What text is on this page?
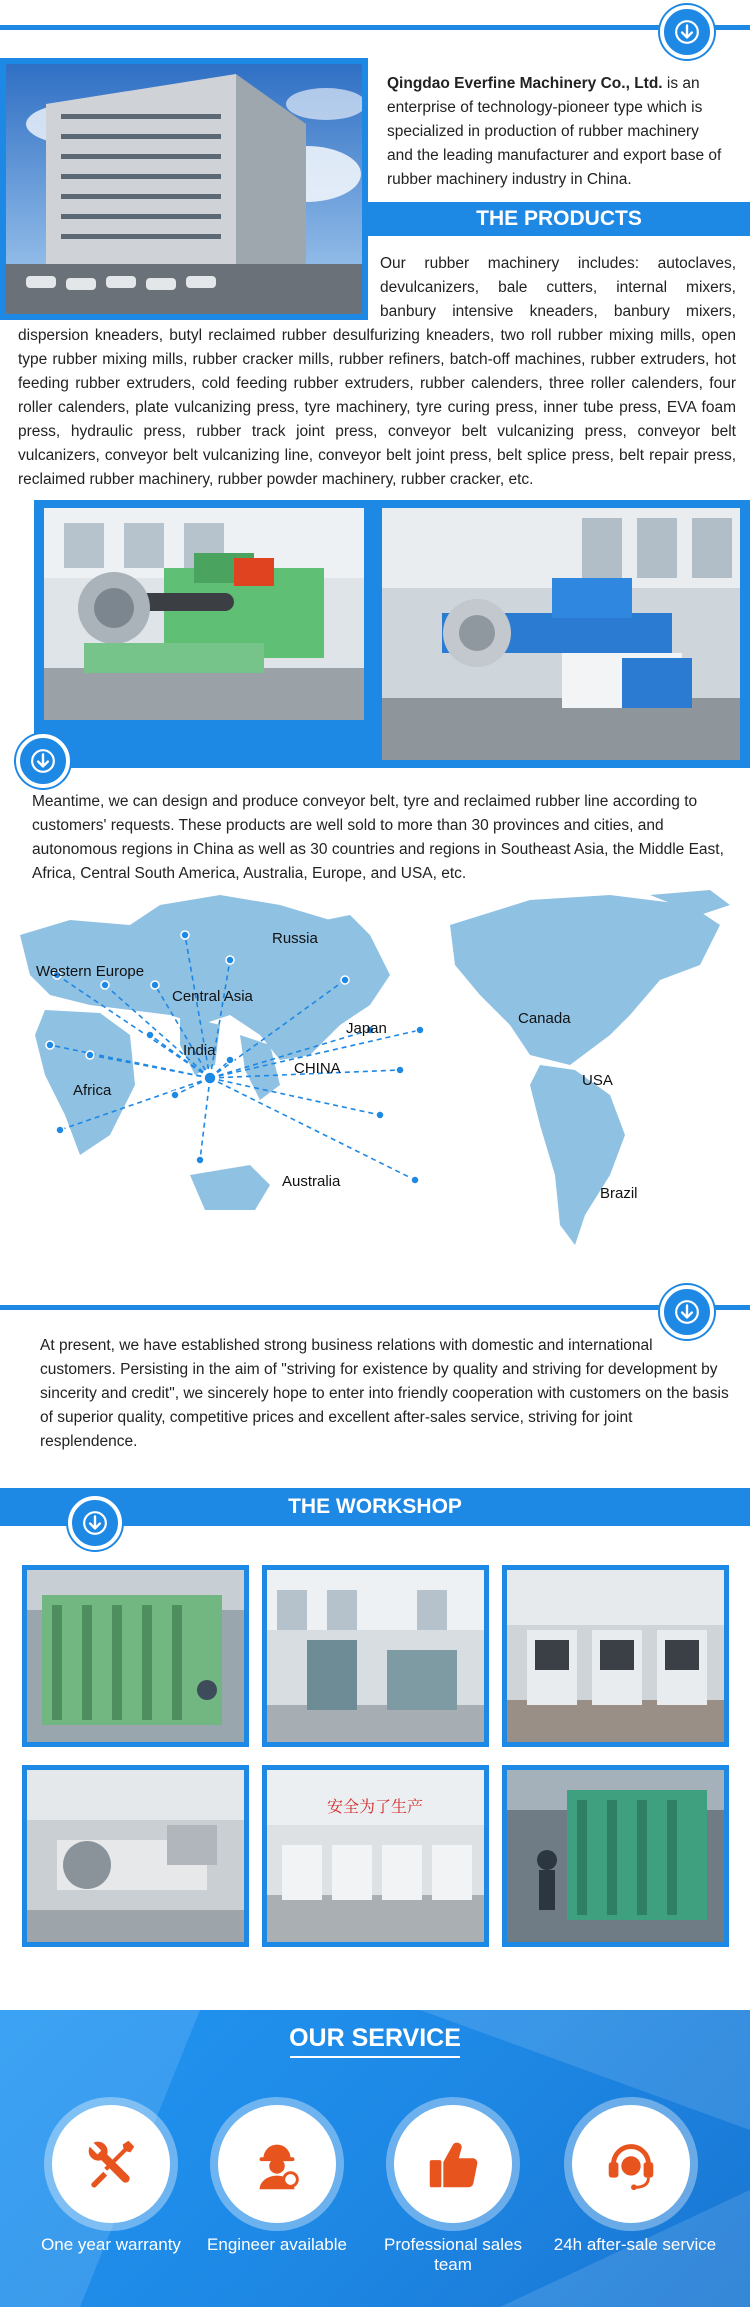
Qingdao Everfine Machinery Co., Ltd. is an enterprise of technology-pioneer type which is specialized in production of rubber machinery and the leading manufacturer and export base of rubber machinery industry in China.
THE PRODUCTS
Our rubber machinery includes: autoclaves, devulcanizers, bale cutters, internal mixers, banbury intensive kneaders, banbury mixers, dispersion kneaders, butyl reclaimed rubber desulfurizing kneaders, two roll rubber mixing mills, open type rubber mixing mills, rubber cracker mills, rubber refiners, batch-off machines, rubber extruders, hot feeding rubber extruders, cold feeding rubber extruders, rubber calenders, three roller calenders, four roller calenders, plate vulcanizing press, tyre machinery, tyre curing press, inner tube press, EVA foam press, hydraulic press, rubber track joint press, conveyor belt vulcanizing press, conveyor belt vulcanizers, conveyor belt vulcanizing line, conveyor belt joint press, belt splice press, belt repair press, reclaimed rubber machinery, rubber powder machinery, rubber cracker, etc.
Meantime, we can design and produce conveyor belt, tyre and reclaimed rubber line according to customers' requests. These products are well sold to more than 30 provinces and cities, and autonomous regions in China as well as 30 countries and regions in Southeast Asia, the Middle East, Africa, Central South America, Australia, Europe, and USA, etc.
Russia
Western Europe
Central Asia
India
Africa
CHINA
Japan
Australia
Canada
USA
Brazil
At present, we have established strong business relations with domestic and international customers. Persisting in the aim of "striving for existence by quality and striving for development by sincerity and credit", we sincerely hope to enter into friendly cooperation with customers on the basis of superior quality, competitive prices and excellent after-sales service, striving for joint resplendence.
THE WORKSHOP
安全为了生产
OUR SERVICE
One year warranty	Engineer available	Professional sales team
24h after-sale service
